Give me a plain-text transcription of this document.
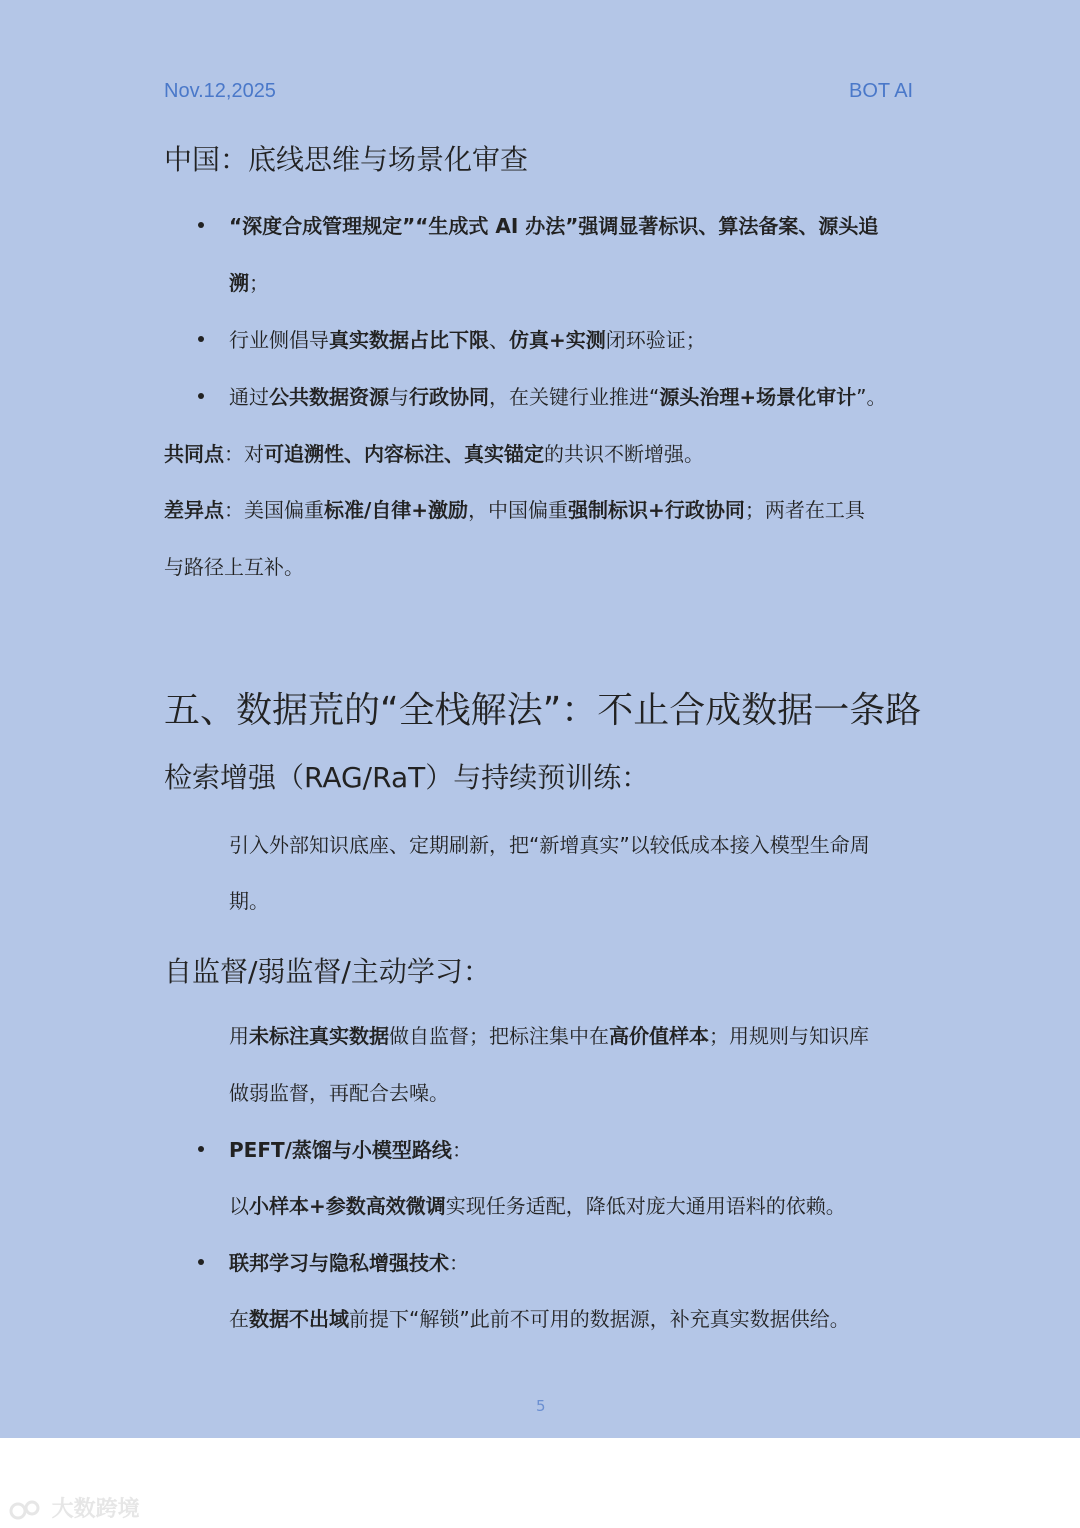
Nov.12,2025	BOT AI
中国：底线思维与场景化审查
“深度合成管理规定”“生成式 AI 办法”强调显著标识、算法备案、源头追
溯；
行业侧倡导真实数据占比下限、仿真+实测闭环验证；
通过公共数据资源与行政协同，在关键行业推进“源头治理+场景化审计”。
共同点：对可追溯性、内容标注、真实锚定的共识不断增强。
差异点：美国偏重标准/自律+激励，中国偏重强制标识+行政协同；两者在工具
与路径上互补。
五、数据荒的“全栈解法”：不止合成数据一条路
检索增强（RAG/RaT）与持续预训练：
引入外部知识底座、定期刷新，把“新增真实”以较低成本接入模型生命周
期。
自监督/弱监督/主动学习：
用未标注真实数据做自监督；把标注集中在高价值样本；用规则与知识库
做弱监督，再配合去噪。
PEFT/蒸馏与小模型路线：
以小样本+参数高效微调实现任务适配，降低对庞大通用语料的依赖。
联邦学习与隐私增强技术：
在数据不出域前提下“解锁”此前不可用的数据源，补充真实数据供给。
5
大数跨境
